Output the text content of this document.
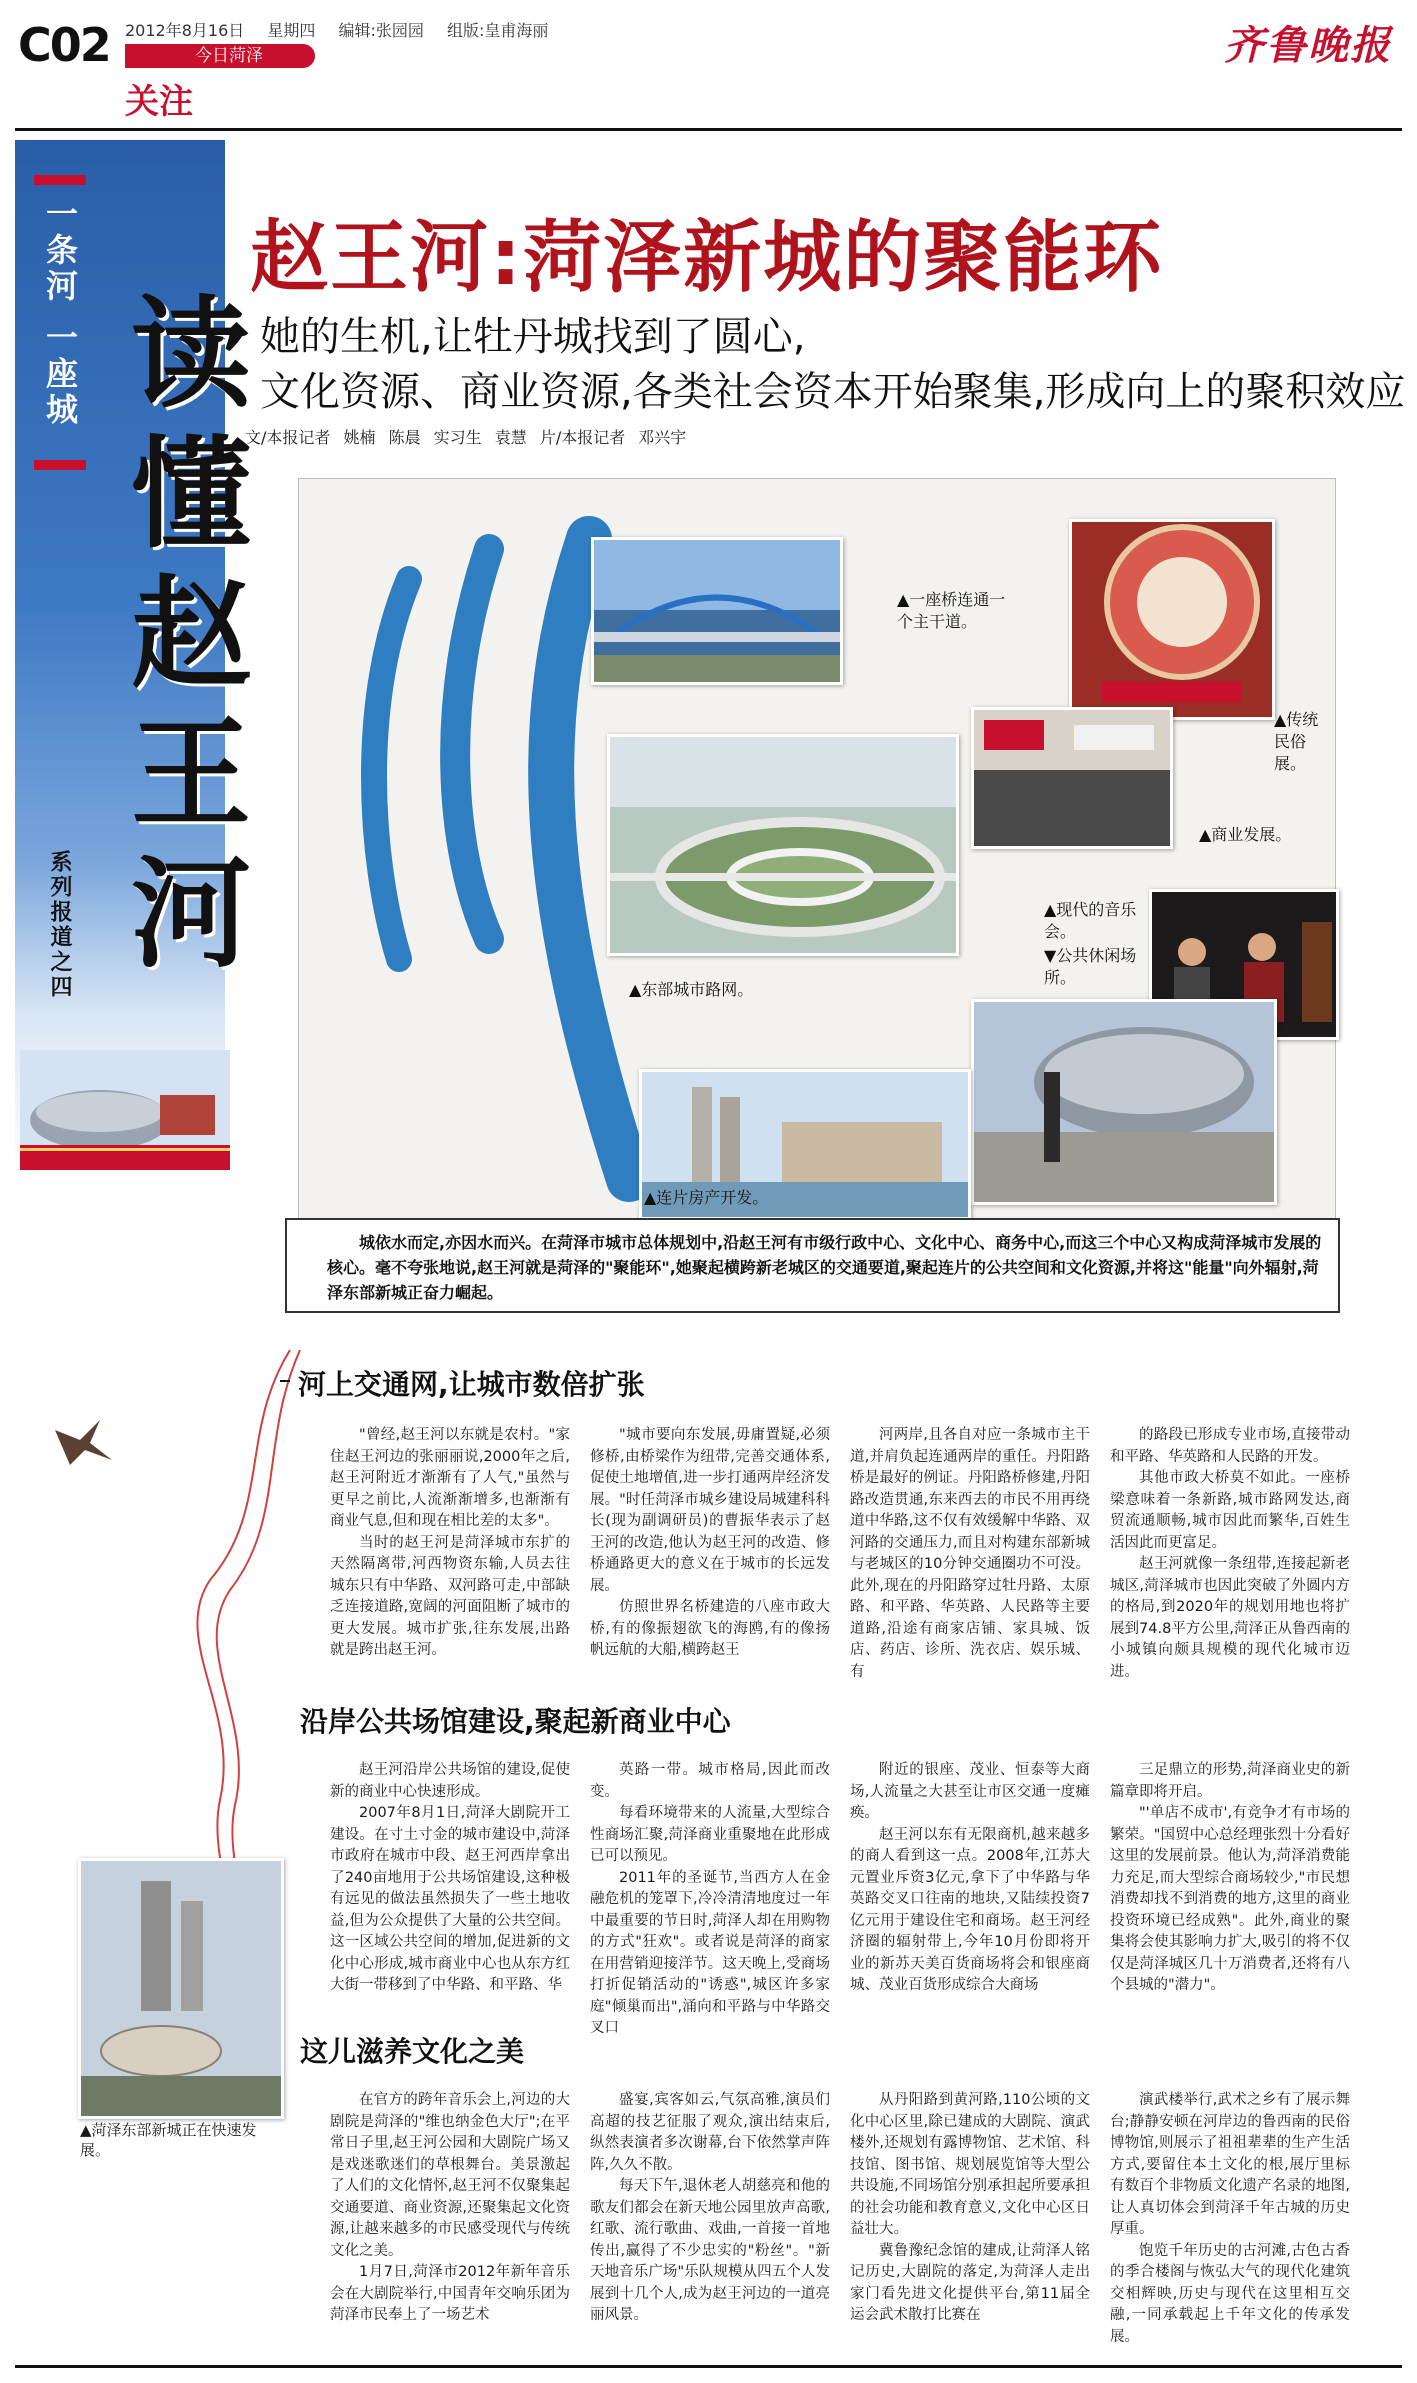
C02 2012年8月16日 星期四 编辑:张园园 组版:皇甫海丽
今日菏泽
关注
齐鲁晚报
一条河 一座城 读懂赵王河
系列报道之四
赵王河:菏泽新城的聚能环
她的生机,让牡丹城找到了圆心,
文化资源、商业资源,各类社会资本开始聚集,形成向上的聚积效应
文/本报记者 姚楠 陈晨 实习生 袁慧 片/本报记者 邓兴宇
▲一座桥连通一个主干道。
▲传统民俗展。
▲商业发展。
▲东部城市路网。
▲现代的音乐会。
▼公共休闲场所。
▲连片房产开发。
城依水而定,亦因水而兴。在菏泽市城市总体规划中,沿赵王河有市级行政中心、文化中心、商务中心,而这三个中心又构成菏泽城市发展的核心。毫不夸张地说,赵王河就是菏泽的"聚能环",她聚起横跨新老城区的交通要道,聚起连片的公共空间和文化资源,并将这"能量"向外辐射,菏泽东部新城正奋力崛起。
▲菏泽东部新城正在快速发展。
河上交通网,让城市数倍扩张

"曾经,赵王河以东就是农村。"家住赵王河边的张丽丽说,2000年之后,赵王河附近才渐渐有了人气,"虽然与更早之前比,人流渐渐增多,也渐渐有商业气息,但和现在相比差的太多"。

当时的赵王河是菏泽城市东扩的天然隔离带,河西物资东输,人员去往城东只有中华路、双河路可走,中部缺乏连接道路,宽阔的河面阻断了城市的更大发展。城市扩张,往东发展,出路就是跨出赵王河。

"城市要向东发展,毋庸置疑,必须修桥,由桥梁作为纽带,完善交通体系,促使土地增值,进一步打通两岸经济发展。"时任菏泽市城乡建设局城建科科长(现为副调研员)的曹振华表示了赵王河的改造,他认为赵王河的改造、修桥通路更大的意义在于城市的长远发展。

仿照世界名桥建造的八座市政大桥,有的像振翅欲飞的海鸥,有的像扬帆远航的大船,横跨赵王

河两岸,且各自对应一条城市主干道,并肩负起连通两岸的重任。丹阳路桥是最好的例证。丹阳路桥修建,丹阳路改造贯通,东来西去的市民不用再绕道中华路,这不仅有效缓解中华路、双河路的交通压力,而且对构建东部新城与老城区的10分钟交通圈功不可没。此外,现在的丹阳路穿过牡丹路、太原路、和平路、华英路、人民路等主要道路,沿途有商家店铺、家具城、饭店、药店、诊所、洗衣店、娱乐城、有

的路段已形成专业市场,直接带动和平路、华英路和人民路的开发。

其他市政大桥莫不如此。一座桥梁意味着一条新路,城市路网发达,商贸流通顺畅,城市因此而繁华,百姓生活因此而更富足。

赵王河就像一条纽带,连接起新老城区,菏泽城市也因此突破了外圆内方的格局,到2020年的规划用地也将扩展到74.8平方公里,菏泽正从鲁西南的小城镇向颇具规模的现代化城市迈进。

沿岸公共场馆建设,聚起新商业中心

赵王河沿岸公共场馆的建设,促使新的商业中心快速形成。

2007年8月1日,菏泽大剧院开工建设。在寸土寸金的城市建设中,菏泽市政府在城市中段、赵王河西岸拿出了240亩地用于公共场馆建设,这种极有远见的做法虽然损失了一些土地收益,但为公众提供了大量的公共空间。这一区域公共空间的增加,促进新的文化中心形成,城市商业中心也从东方红大街一带移到了中华路、和平路、华

英路一带。城市格局,因此而改变。

每看环境带来的人流量,大型综合性商场汇聚,菏泽商业重聚地在此形成已可以预见。

2011年的圣诞节,当西方人在金融危机的笼罩下,冷冷清清地度过一年中最重要的节日时,菏泽人却在用购物的方式"狂欢"。或者说是菏泽的商家在用营销迎接洋节。这天晚上,受商场打折促销活动的"诱惑",城区许多家庭"倾巢而出",涌向和平路与中华路交叉口

附近的银座、茂业、恒泰等大商场,人流量之大甚至让市区交通一度瘫痪。

赵王河以东有无限商机,越来越多的商人看到这一点。2008年,江苏大元置业斥资3亿元,拿下了中华路与华英路交叉口往南的地块,又陆续投资7亿元用于建设住宅和商场。赵王河经济圈的辐射带上,今年10月份即将开业的新苏天美百货商场将会和银座商城、茂业百货形成综合大商场

三足鼎立的形势,菏泽商业史的新篇章即将开启。

"'单店不成市',有竞争才有市场的繁荣。"国贸中心总经理张烈十分看好这里的发展前景。他认为,菏泽消费能力充足,而大型综合商场较少,"市民想消费却找不到消费的地方,这里的商业投资环境已经成熟"。此外,商业的聚集将会使其影响力扩大,吸引的将不仅仅是菏泽城区几十万消费者,还将有八个县城的"潜力"。

这儿滋养文化之美

在官方的跨年音乐会上,河边的大剧院是菏泽的"维也纳金色大厅";在平常日子里,赵王河公园和大剧院广场又是戏迷歌迷们的草根舞台。美景激起了人们的文化情怀,赵王河不仅聚集起交通要道、商业资源,还聚集起文化资源,让越来越多的市民感受现代与传统文化之美。

1月7日,菏泽市2012年新年音乐会在大剧院举行,中国青年交响乐团为菏泽市民奉上了一场艺术

盛宴,宾客如云,气氛高雅,演员们高超的技艺征服了观众,演出结束后,纵然表演者多次谢幕,台下依然掌声阵阵,久久不散。

每天下午,退休老人胡慈亮和他的歌友们都会在新天地公园里放声高歌,红歌、流行歌曲、戏曲,一首接一首地传出,赢得了不少忠实的"粉丝"。"新天地音乐广场"乐队规模从四五个人发展到十几个人,成为赵王河边的一道亮丽风景。

从丹阳路到黄河路,110公顷的文化中心区里,除已建成的大剧院、演武楼外,还规划有露博物馆、艺术馆、科技馆、图书馆、规划展览馆等大型公共设施,不同场馆分别承担起所要承担的社会功能和教育意义,文化中心区日益壮大。

冀鲁豫纪念馆的建成,让菏泽人铭记历史,大剧院的落定,为菏泽人走出家门看先进文化提供平台,第11届全运会武术散打比赛在

演武楼举行,武术之乡有了展示舞台;静静安顿在河岸边的鲁西南的民俗博物馆,则展示了祖祖辈辈的生产生活方式,要留住本土文化的根,展厅里标有数百个非物质文化遗产名录的地图,让人真切体会到菏泽千年古城的历史厚重。

饱览千年历史的古河滩,古色古香的季合楼阁与恢弘大气的现代化建筑交相辉映,历史与现代在这里相互交融,一同承载起上千年文化的传承发展。
